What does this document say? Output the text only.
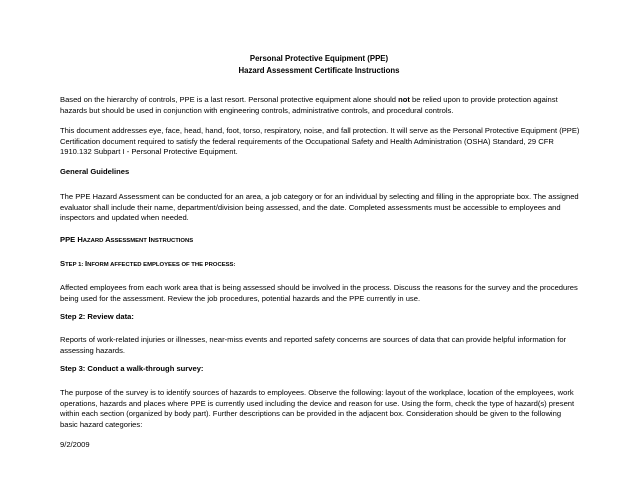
Personal Protective Equipment (PPE)
Hazard Assessment Certificate Instructions

Based on the hierarchy of controls, PPE is a last resort. Personal protective equipment alone should not be relied upon to provide protection against hazards but should be used in conjunction with engineering controls, administrative controls, and procedural controls.

This document addresses eye, face, head, hand, foot, torso, respiratory, noise, and fall protection. It will serve as the Personal Protective Equipment (PPE) Certification document required to satisfy the federal requirements of the Occupational Safety and Health Administration (OSHA) Standard, 29 CFR 1910.132 Subpart I - Personal Protective Equipment.

General Guidelines

The PPE Hazard Assessment can be conducted for an area, a job category or for an individual by selecting and filling in the appropriate box. The assigned evaluator shall include their name, department/division being assessed, and the date. Completed assessments must be accessible to employees and inspectors and updated when needed.

PPE HAZARD ASSESSMENT INSTRUCTIONS

STEP 1: INFORM AFFECTED EMPLOYEES OF THE PROCESS:

Affected employees from each work area that is being assessed should be involved in the process. Discuss the reasons for the survey and the procedures being used for the assessment. Review the job procedures, potential hazards and the PPE currently in use.

Step 2: Review data:

Reports of work-related injuries or illnesses, near-miss events and reported safety concerns are sources of data that can provide helpful information for assessing hazards.

Step 3: Conduct a walk-through survey:

The purpose of the survey is to identify sources of hazards to employees. Observe the following: layout of the workplace, location of the employees, work operations, hazards and places where PPE is currently used including the device and reason for use. Using the form, check the type of hazard(s) present within each section (organized by body part). Further descriptions can be provided in the adjacent box. Consideration should be given to the following basic hazard categories:

9/2/2009
